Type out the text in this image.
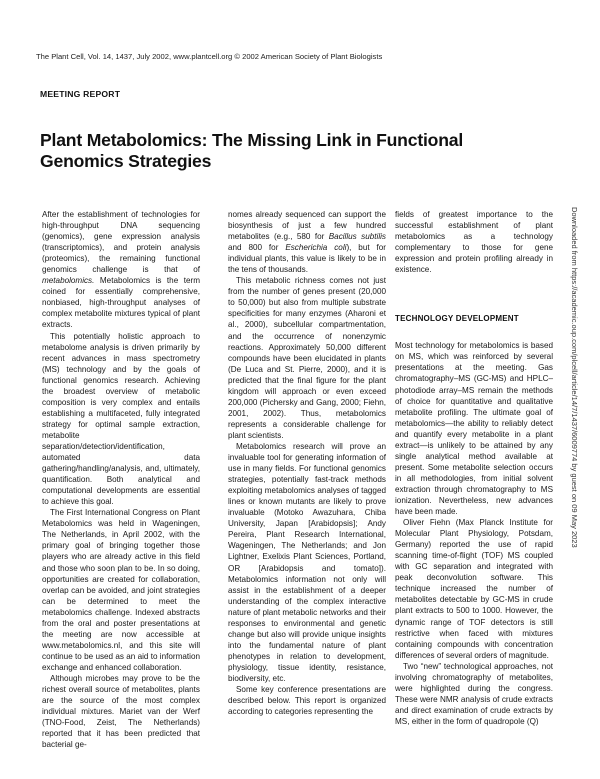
The Plant Cell, Vol. 14, 1437, July 2002, www.plantcell.org © 2002 American Society of Plant Biologists
MEETING REPORT
Plant Metabolomics: The Missing Link in Functional
Genomics Strategies

After the establishment of technologies for high-throughput DNA sequencing (genomics), gene expression analysis (transcriptomics), and protein analysis (proteomics), the remaining functional genomics challenge is that of metabolomics. Metabolomics is the term coined for essentially comprehensive, nonbiased, high-throughput analyses of complex metabolite mixtures typical of plant extracts.

This potentially holistic approach to metabolome analysis is driven primarily by recent advances in mass spectrometry (MS) technology and by the goals of functional genomics research. Achieving the broadest overview of metabolic composition is very complex and entails establishing a multifaceted, fully integrated strategy for optimal sample extraction, metabolite separation/detection/identification, automated data gathering/handling/analysis, and, ultimately, quantification. Both analytical and computational developments are essential to achieve this goal.

The First International Congress on Plant Metabolomics was held in Wageningen, The Netherlands, in April 2002, with the primary goal of bringing together those players who are already active in this field and those who soon plan to be. In so doing, opportunities are created for collaboration, overlap can be avoided, and joint strategies can be determined to meet the metabolomics challenge. Indexed abstracts from the oral and poster presentations at the meeting are now accessible at www.metabolomics.nl, and this site will continue to be used as an aid to information exchange and enhanced collaboration.

Although microbes may prove to be the richest overall source of metabolites, plants are the source of the most complex individual mixtures. Mariet van der Werf (TNO-Food, Zeist, The Netherlands) reported that it has been predicted that bacterial ge-

nomes already sequenced can support the biosynthesis of just a few hundred metabolites (e.g., 580 for Bacillus subtilis and 800 for Escherichia coli), but for individual plants, this value is likely to be in the tens of thousands.

This metabolic richness comes not just from the number of genes present (20,000 to 50,000) but also from multiple substrate specificities for many enzymes (Aharoni et al., 2000), subcellular compartmentation, and the occurrence of nonenzymic reactions. Approximately 50,000 different compounds have been elucidated in plants (De Luca and St. Pierre, 2000), and it is predicted that the final figure for the plant kingdom will approach or even exceed 200,000 (Pichersky and Gang, 2000; Fiehn, 2001, 2002). Thus, metabolomics represents a considerable challenge for plant scientists.

Metabolomics research will prove an invaluable tool for generating information of use in many fields. For functional genomics strategies, potentially fast-track methods exploiting metabolomics analyses of tagged lines or known mutants are likely to prove invaluable (Motoko Awazuhara, Chiba University, Japan [Arabidopsis]; Andy Pereira, Plant Research International, Wageningen, The Netherlands; and Jon Lightner, Exelixis Plant Sciences, Portland, OR [Arabidopsis and tomato]). Metabolomics information not only will assist in the establishment of a deeper understanding of the complex interactive nature of plant metabolic networks and their responses to environmental and genetic change but also will provide unique insights into the fundamental nature of plant phenotypes in relation to development, physiology, tissue identity, resistance, biodiversity, etc.

Some key conference presentations are described below. This report is organized according to categories representing the

fields of greatest importance to the successful establishment of plant metabolomics as a technology complementary to those for gene expression and protein profiling already in existence.

TECHNOLOGY DEVELOPMENT

Most technology for metabolomics is based on MS, which was reinforced by several presentations at the meeting. Gas chromatography–MS (GC-MS) and HPLC–photodiode array–MS remain the methods of choice for quantitative and qualitative metabolite profiling. The ultimate goal of metabolomics—the ability to reliably detect and quantify every metabolite in a plant extract—is unlikely to be attained by any single analytical method available at present. Some metabolite selection occurs in all methodologies, from initial solvent extraction through chromatography to MS ionization. Nevertheless, new advances have been made.

Oliver Fiehn (Max Planck Institute for Molecular Plant Physiology, Potsdam, Germany) reported the use of rapid scanning time-of-flight (TOF) MS coupled with GC separation and integrated with peak deconvolution software. This technique increased the number of metabolites detectable by GC-MS in crude plant extracts to 500 to 1000. However, the dynamic range of TOF detectors is still restrictive when faced with mixtures containing compounds with concentration differences of several orders of magnitude.

Two “new” technological approaches, not involving chromatography of metabolites, were highlighted during the congress. These were NMR analysis of crude extracts and direct examination of crude extracts by MS, either in the form of quadropole (Q)

Downloaded from https://academic.oup.com/plcell/article/14/7/1437/6009774 by guest on 09 May 2023
